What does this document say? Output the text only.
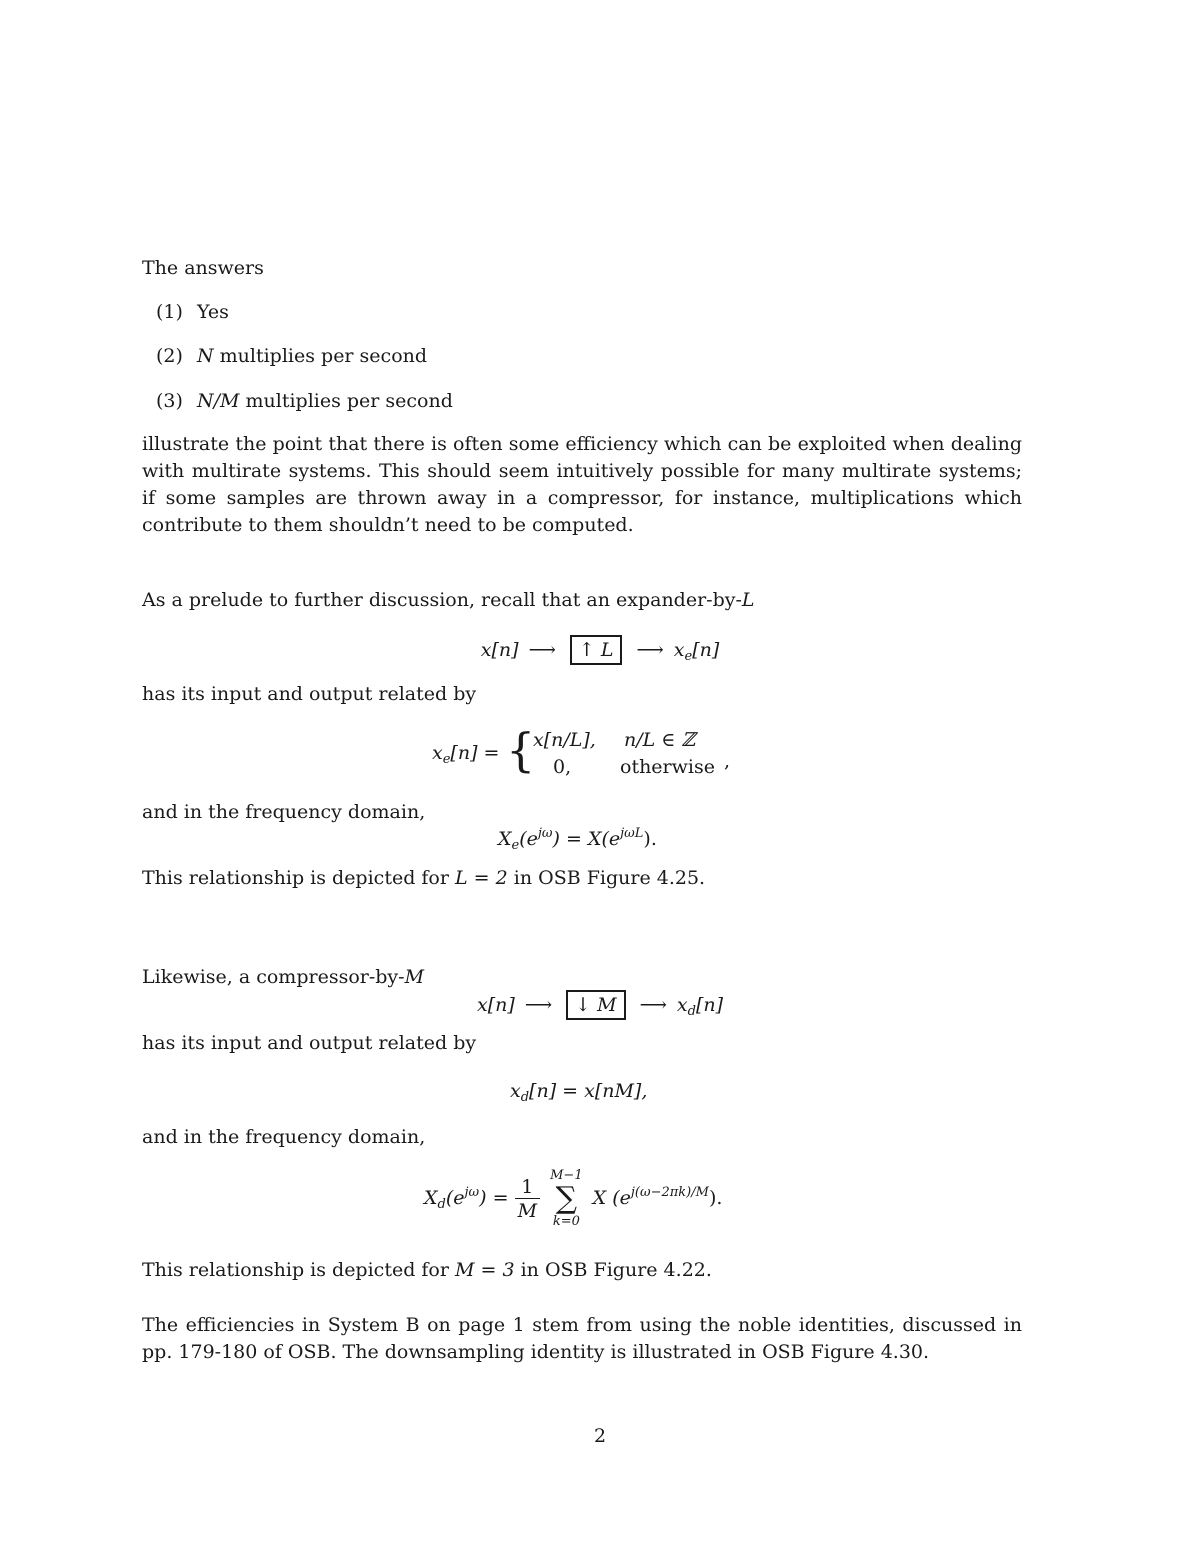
The answers
(1) Yes
(2) N multiplies per second
(3) N/M multiplies per second
illustrate the point that there is often some efficiency which can be exploited when dealing with multirate systems. This should seem intuitively possible for many multirate systems; if some samples are thrown away in a compressor, for instance, multiplications which contribute to them shouldn’t need to be computed.
As a prelude to further discussion, recall that an expander-by-L
x[n] ⟶ ↑ L ⟶ $x_e[n]$
has its input and output related by
$x_e[n]$ = {
x[n/L], n/L ∈ ℤ
0,	otherwise ,
and in the frequency domain,
$X_e(e^{j\omega}) = X(e^{j\omega L})$.
This relationship is depicted for L = 2 in OSB Figure 4.25.
Likewise, a compressor-by-M
x[n] ⟶ ↓ M ⟶ $x_d[n]$
has its input and output related by
$x_d[n] = x[nM]$,
and in the frequency domain,
$X_d(e^{j\omega}) = \frac{1}{M}$
M−1
∑
k=0
X $(e^{j(\omega-2\pi k)/M})$.
This relationship is depicted for M = 3 in OSB Figure 4.22.
The efficiencies in System B on page 1 stem from using the noble identities, discussed in pp. 179-180 of OSB. The downsampling identity is illustrated in OSB Figure 4.30.
2
